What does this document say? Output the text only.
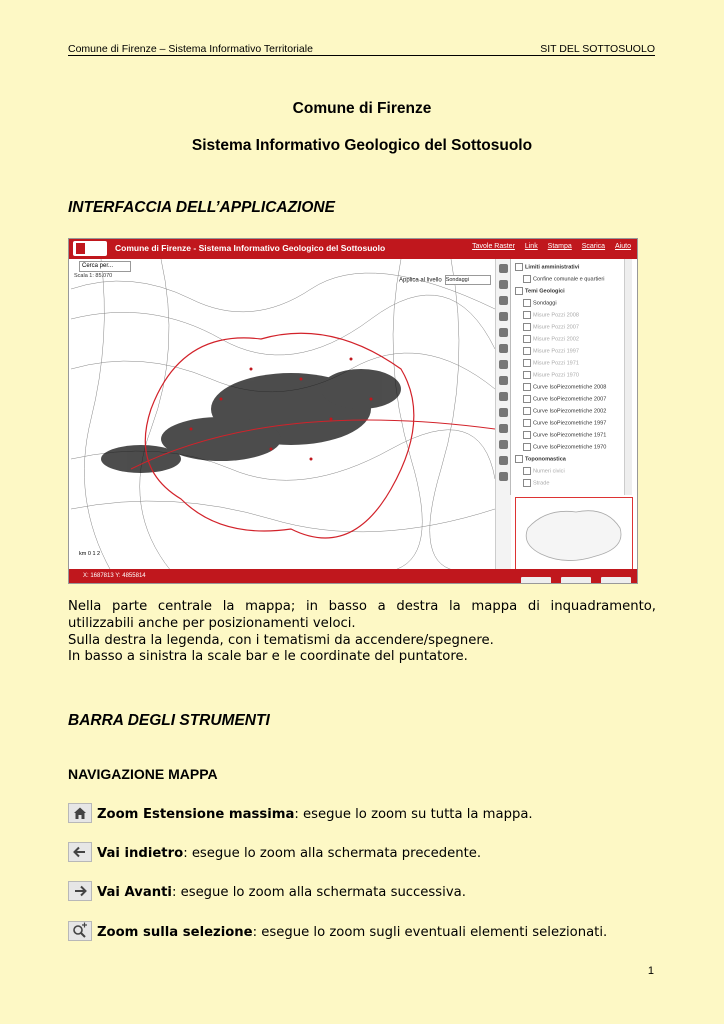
Comune di Firenze – Sistema Informativo Territoriale	SIT DEL SOTTOSUOLO
Comune di Firenze
Sistema Informativo Geologico del Sottosuolo
INTERFACCIA DELL’APPLICAZIONE
Comune di Firenze - Sistema Informativo Geologico del Sottosuolo	Tavole Raster Link Stampa Scarica Aiuto
Cerca per...
Scala 1: 85.070
Applica al livello Sondaggi
km 0 1 2
Limiti amministrativi
Confine comunale e quartieri
Temi Geologici
Sondaggi
Misure Pozzi 2008
Misure Pozzi 2007
Misure Pozzi 2002
Misure Pozzi 1997
Misure Pozzi 1971
Misure Pozzi 1970
Curve IsoPiezometriche 2008
Curve IsoPiezometriche 2007
Curve IsoPiezometriche 2002
Curve IsoPiezometriche 1997
Curve IsoPiezometriche 1971
Curve IsoPiezometriche 1970
Toponomastica
Numeri civici
Strade
X: 1687813 Y: 4855814
Nella parte centrale la mappa; in basso a destra la mappa di inquadramento,
utilizzabili anche per posizionamenti veloci.
Sulla destra la legenda, con i tematismi da accendere/spegnere.
In basso a sinistra la scale bar e le coordinate del puntatore.
BARRA DEGLI STRUMENTI
NAVIGAZIONE MAPPA
Zoom Estensione massima: esegue lo zoom su tutta la mappa.
Vai indietro: esegue lo zoom alla schermata precedente.
Vai Avanti: esegue lo zoom alla schermata successiva.
Zoom sulla selezione: esegue lo zoom sugli eventuali elementi selezionati.
1
